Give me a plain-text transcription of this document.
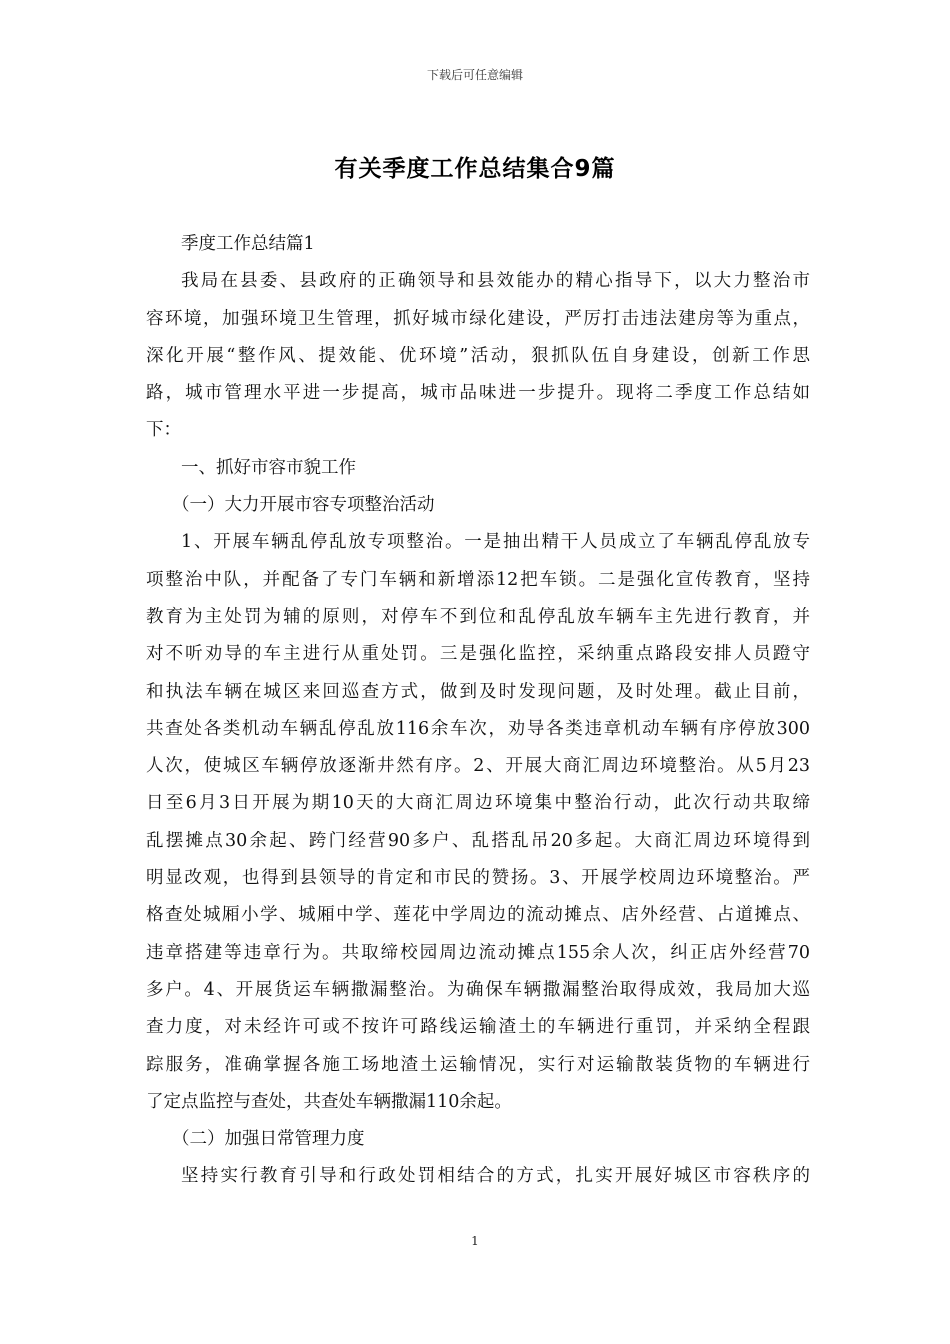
下载后可任意编辑
有关季度工作总结集合9篇
季度工作总结篇1
我局在县委、县政府的正确领导和县效能办的精心指导下，以大力整治市
容环境，加强环境卫生管理，抓好城市绿化建设，严厉打击违法建房等为重点，
深化开展“整作风、提效能、优环境”活动，狠抓队伍自身建设，创新工作思
路，城市管理水平进一步提高，城市品味进一步提升。现将二季度工作总结如
下：
一、抓好市容市貌工作
（一）大力开展市容专项整治活动
1、开展车辆乱停乱放专项整治。一是抽出精干人员成立了车辆乱停乱放专
项整治中队，并配备了专门车辆和新增添12把车锁。二是强化宣传教育，坚持
教育为主处罚为辅的原则，对停车不到位和乱停乱放车辆车主先进行教育，并
对不听劝导的车主进行从重处罚。三是强化监控，采纳重点路段安排人员蹬守
和执法车辆在城区来回巡查方式，做到及时发现问题，及时处理。截止目前，
共查处各类机动车辆乱停乱放116余车次，劝导各类违章机动车辆有序停放300
人次，使城区车辆停放逐渐井然有序。2、开展大商汇周边环境整治。从5月23
日至6月3日开展为期10天的大商汇周边环境集中整治行动，此次行动共取缔
乱摆摊点30余起、跨门经营90多户、乱搭乱吊20多起。大商汇周边环境得到
明显改观，也得到县领导的肯定和市民的赞扬。3、开展学校周边环境整治。严
格查处城厢小学、城厢中学、莲花中学周边的流动摊点、店外经营、占道摊点、
违章搭建等违章行为。共取缔校园周边流动摊点155余人次，纠正店外经营70
多户。4、开展货运车辆撒漏整治。为确保车辆撒漏整治取得成效，我局加大巡
查力度，对未经许可或不按许可路线运输渣土的车辆进行重罚，并采纳全程跟
踪服务，准确掌握各施工场地渣土运输情况，实行对运输散装货物的车辆进行
了定点监控与查处，共查处车辆撒漏110余起。
（二）加强日常管理力度
坚持实行教育引导和行政处罚相结合的方式，扎实开展好城区市容秩序的
1
